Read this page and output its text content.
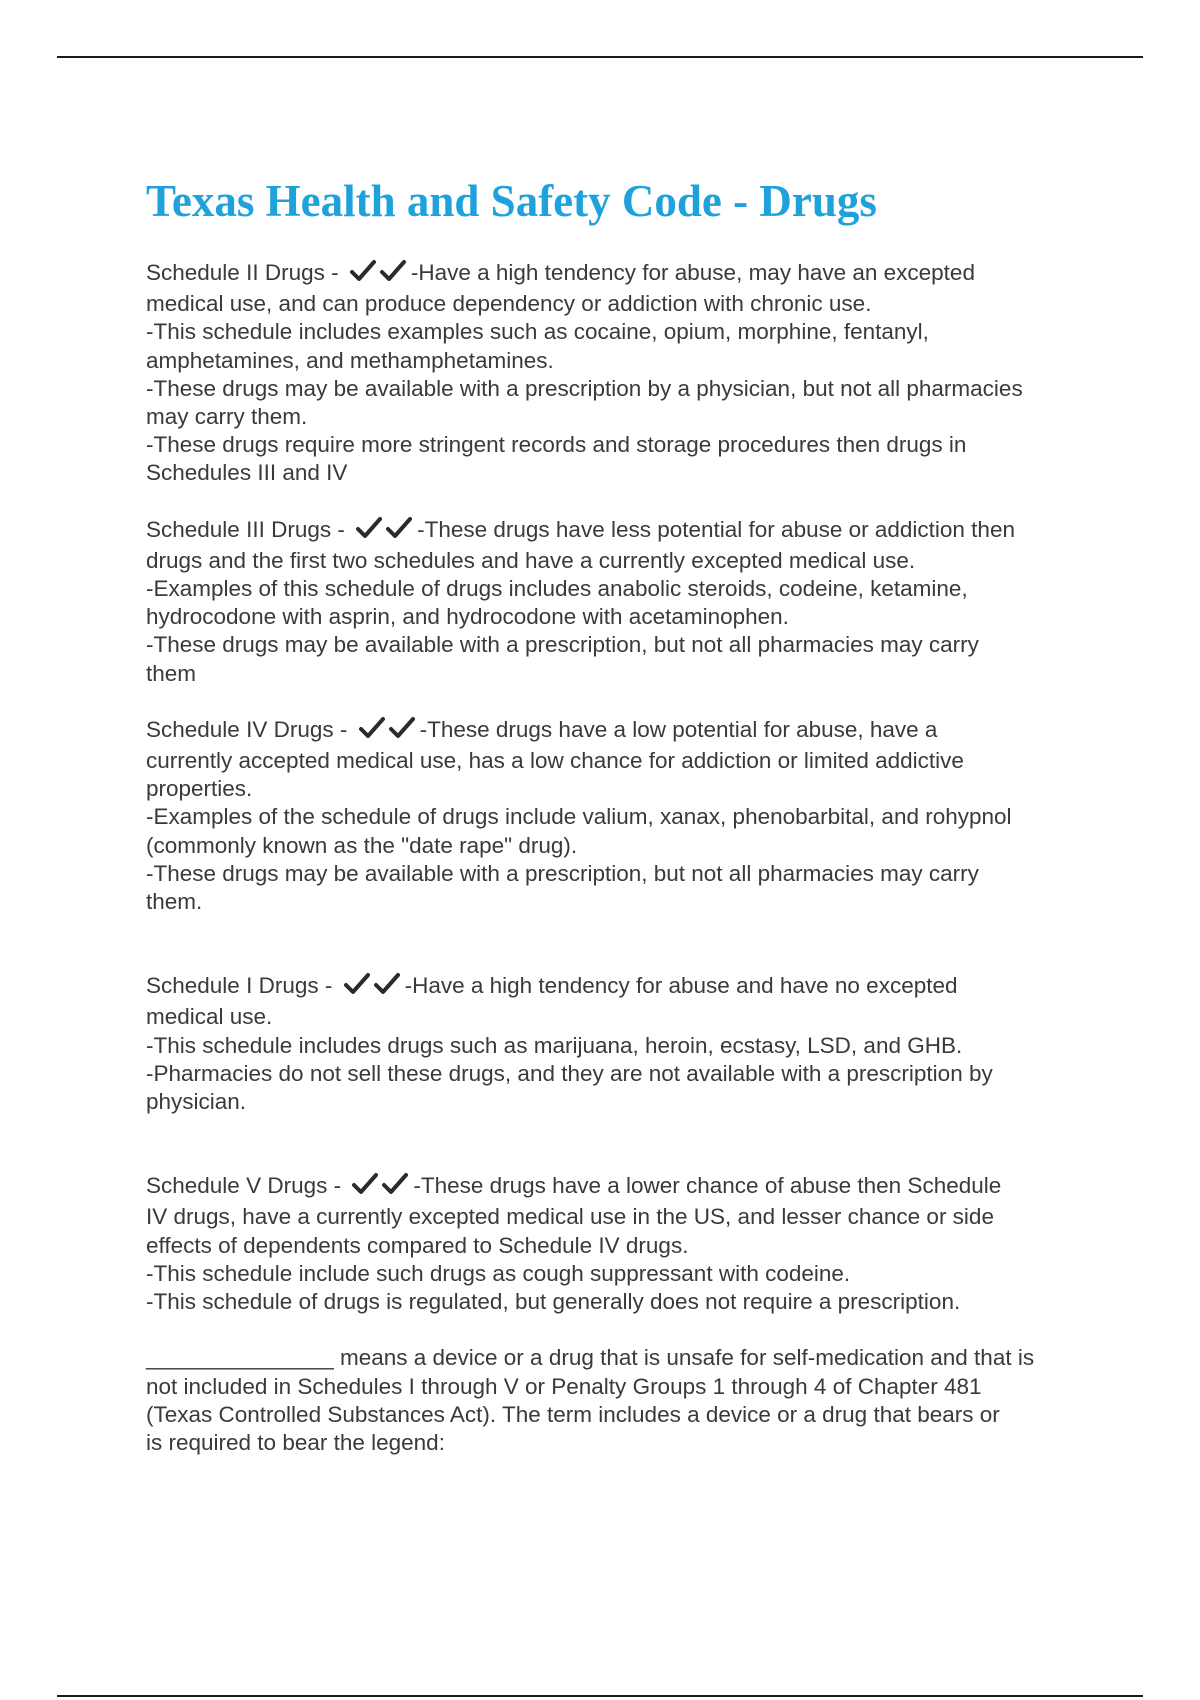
Texas Health and Safety Code - Drugs

Schedule II Drugs -	-Have a high tendency for abuse, may have an excepted
medical use, and can produce dependency or addiction with chronic use.
-This schedule includes examples such as cocaine, opium, morphine, fentanyl,
amphetamines, and methamphetamines.
-These drugs may be available with a prescription by a physician, but not all pharmacies
may carry them.
-These drugs require more stringent records and storage procedures then drugs in
Schedules III and IV

Schedule III Drugs -	-These drugs have less potential for abuse or addiction then
drugs and the first two schedules and have a currently excepted medical use.
-Examples of this schedule of drugs includes anabolic steroids, codeine, ketamine,
hydrocodone with asprin, and hydrocodone with acetaminophen.
-These drugs may be available with a prescription, but not all pharmacies may carry
them

Schedule IV Drugs -	-These drugs have a low potential for abuse, have a
currently accepted medical use, has a low chance for addiction or limited addictive
properties.
-Examples of the schedule of drugs include valium, xanax, phenobarbital, and rohypnol
(commonly known as the "date rape" drug).
-These drugs may be available with a prescription, but not all pharmacies may carry
them.

Schedule I Drugs -	-Have a high tendency for abuse and have no excepted
medical use.
-This schedule includes drugs such as marijuana, heroin, ecstasy, LSD, and GHB.
-Pharmacies do not sell these drugs, and they are not available with a prescription by
physician.

Schedule V Drugs -	-These drugs have a lower chance of abuse then Schedule
IV drugs, have a currently excepted medical use in the US, and lesser chance or side
effects of dependents compared to Schedule IV drugs.
-This schedule include such drugs as cough suppressant with codeine.
-This schedule of drugs is regulated, but generally does not require a prescription.

_______________ means a device or a drug that is unsafe for self-medication and that is
not included in Schedules I through V or Penalty Groups 1 through 4 of Chapter 481
(Texas Controlled Substances Act). The term includes a device or a drug that bears or
is required to bear the legend:
